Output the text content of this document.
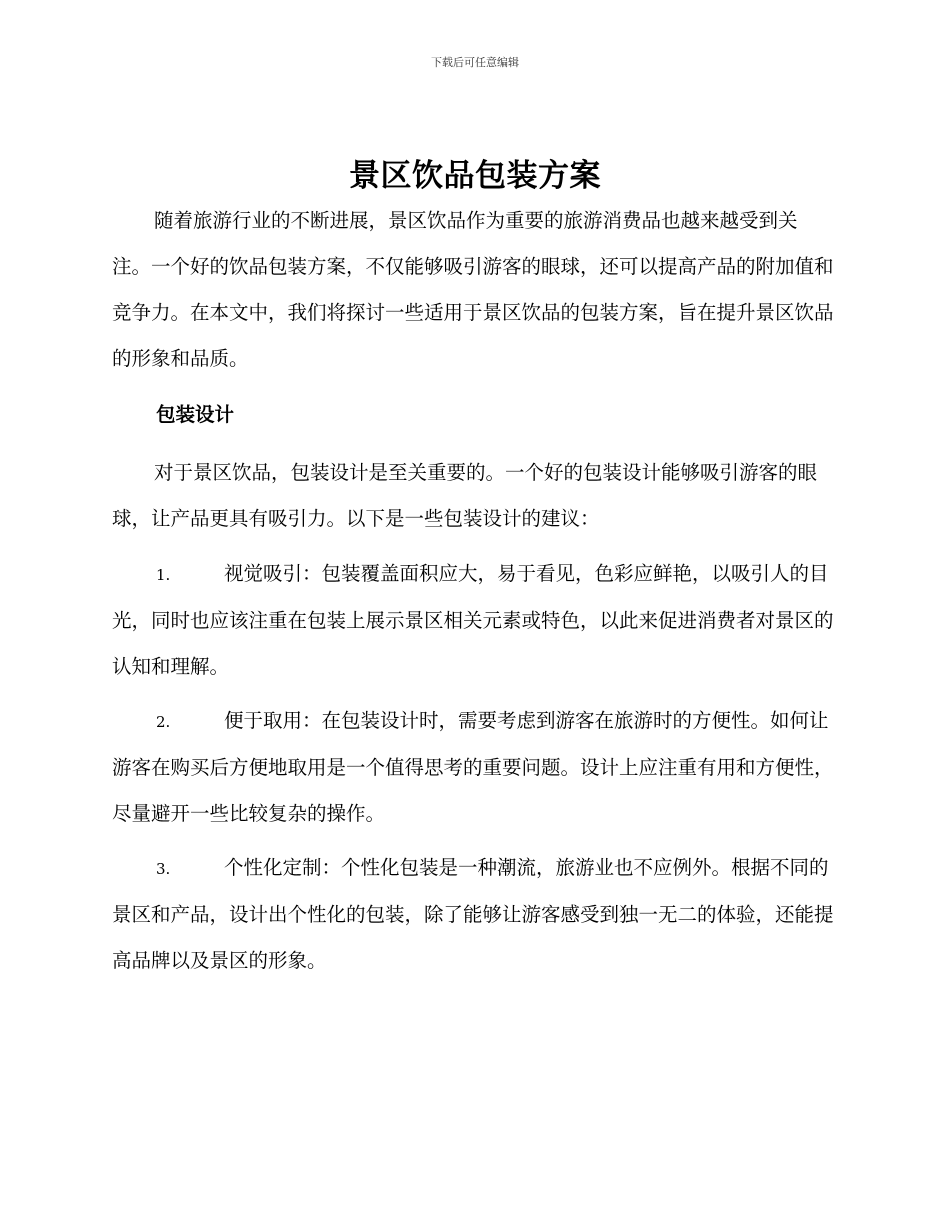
下载后可任意编辑
景区饮品包装方案

随着旅游行业的不断进展，景区饮品作为重要的旅游消费品也越来越受到关注。一个好的饮品包装方案，不仅能够吸引游客的眼球，还可以提高产品的附加值和竞争力。在本文中，我们将探讨一些适用于景区饮品的包装方案，旨在提升景区饮品的形象和品质。

包装设计

对于景区饮品，包装设计是至关重要的。一个好的包装设计能够吸引游客的眼球，让产品更具有吸引力。以下是一些包装设计的建议：

1.	视觉吸引：包装覆盖面积应大，易于看见，色彩应鲜艳，以吸引人的目光，同时也应该注重在包装上展示景区相关元素或特色，以此来促进消费者对景区的认知和理解。
2.	便于取用：在包装设计时，需要考虑到游客在旅游时的方便性。如何让游客在购买后方便地取用是一个值得思考的重要问题。设计上应注重有用和方便性，尽量避开一些比较复杂的操作。
3.	个性化定制：个性化包装是一种潮流，旅游业也不应例外。根据不同的景区和产品，设计出个性化的包装，除了能够让游客感受到独一无二的体验，还能提高品牌以及景区的形象。
